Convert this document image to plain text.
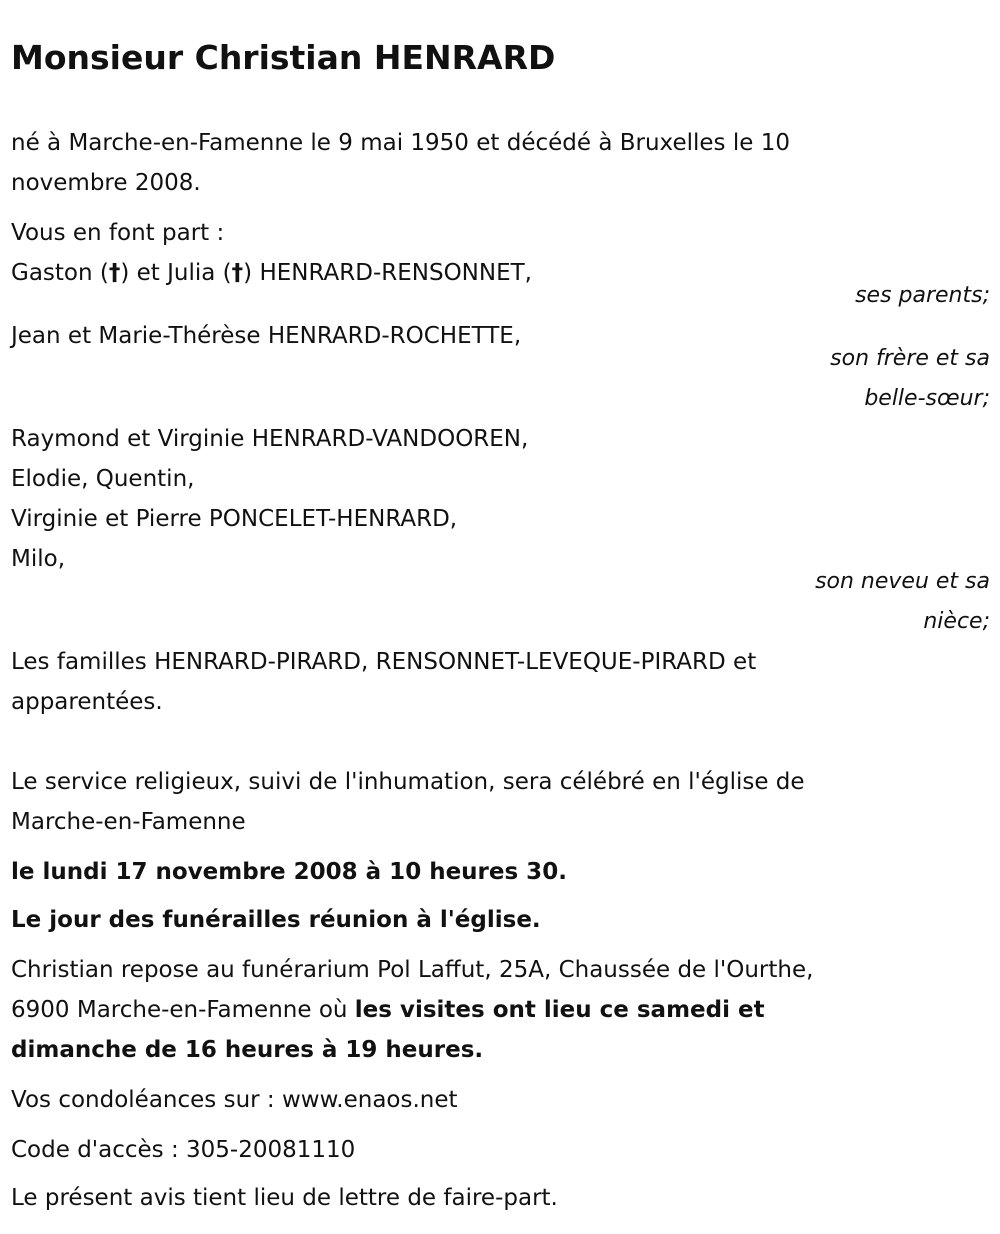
Monsieur Christian HENRARD
né à Marche-en-Famenne le 9 mai 1950 et décédé à Bruxelles le 10
novembre 2008.
Vous en font part :
Gaston (†) et Julia (†) HENRARD-RENSONNET,
ses parents;
Jean et Marie-Thérèse HENRARD-ROCHETTE,
son frère et sa
belle-sœur;
Raymond et Virginie HENRARD-VANDOOREN,
Elodie, Quentin,
Virginie et Pierre PONCELET-HENRARD,
Milo,
son neveu et sa
nièce;
Les familles HENRARD-PIRARD, RENSONNET-LEVEQUE-PIRARD et
apparentées.
Le service religieux, suivi de l'inhumation, sera célébré en l'église de
Marche-en-Famenne
le lundi 17 novembre 2008 à 10 heures 30.
Le jour des funérailles réunion à l'église.
Christian repose au funérarium Pol Laffut, 25A, Chaussée de l'Ourthe,
6900 Marche-en-Famenne où les visites ont lieu ce samedi et
dimanche de 16 heures à 19 heures.
Vos condoléances sur : www.enaos.net
Code d'accès : 305-20081110
Le présent avis tient lieu de lettre de faire-part.
